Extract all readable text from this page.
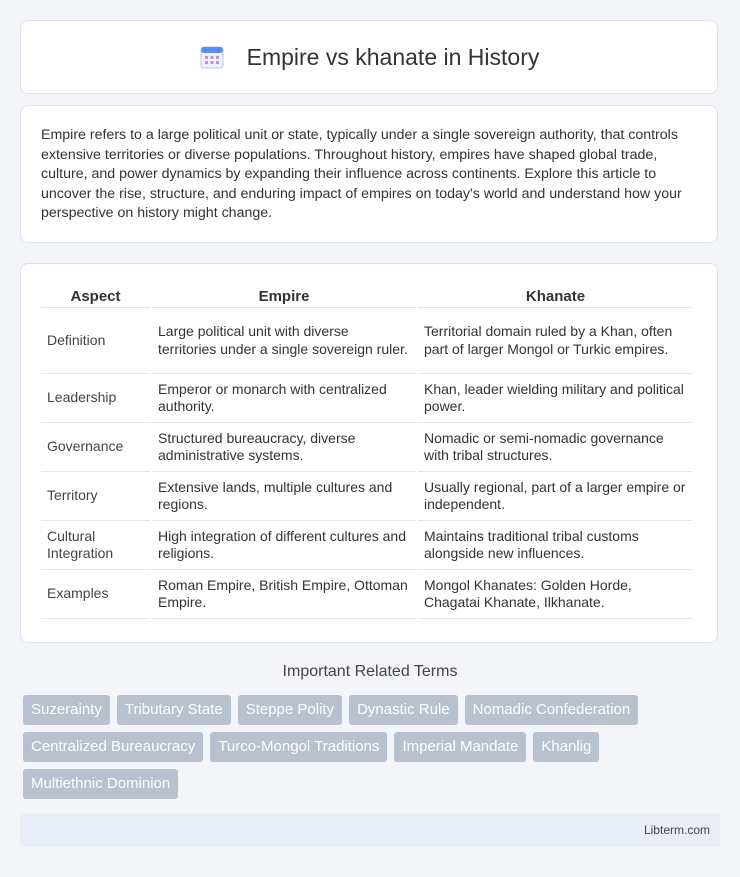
Empire vs khanate in History

Empire refers to a large political unit or state, typically under a single sovereign authority, that controls extensive territories or diverse populations. Throughout history, empires have shaped global trade, culture, and power dynamics by expanding their influence across continents. Explore this article to uncover the rise, structure, and enduring impact of empires on today's world and understand how your perspective on history might change.

Aspect	Empire	Khanate
Definition	Large political unit with diverse territories under a single sovereign ruler.	Territorial domain ruled by a Khan, often part of larger Mongol or Turkic empires.
Leadership	Emperor or monarch with centralized authority.	Khan, leader wielding military and political power.
Governance	Structured bureaucracy, diverse administrative systems.	Nomadic or semi-nomadic governance with tribal structures.
Territory	Extensive lands, multiple cultures and regions.	Usually regional, part of a larger empire or independent.
Cultural Integration	High integration of different cultures and religions.	Maintains traditional tribal customs alongside new influences.
Examples	Roman Empire, British Empire, Ottoman Empire.	Mongol Khanates: Golden Horde, Chagatai Khanate, Ilkhanate.
Important Related Terms
Suzerainty	Tributary State	Steppe Polity	Dynastic Rule	Nomadic Confederation
Centralized Bureaucracy	Turco-Mongol Traditions	Imperial Mandate	Khanlig
Multiethnic Dominion
Libterm.com
